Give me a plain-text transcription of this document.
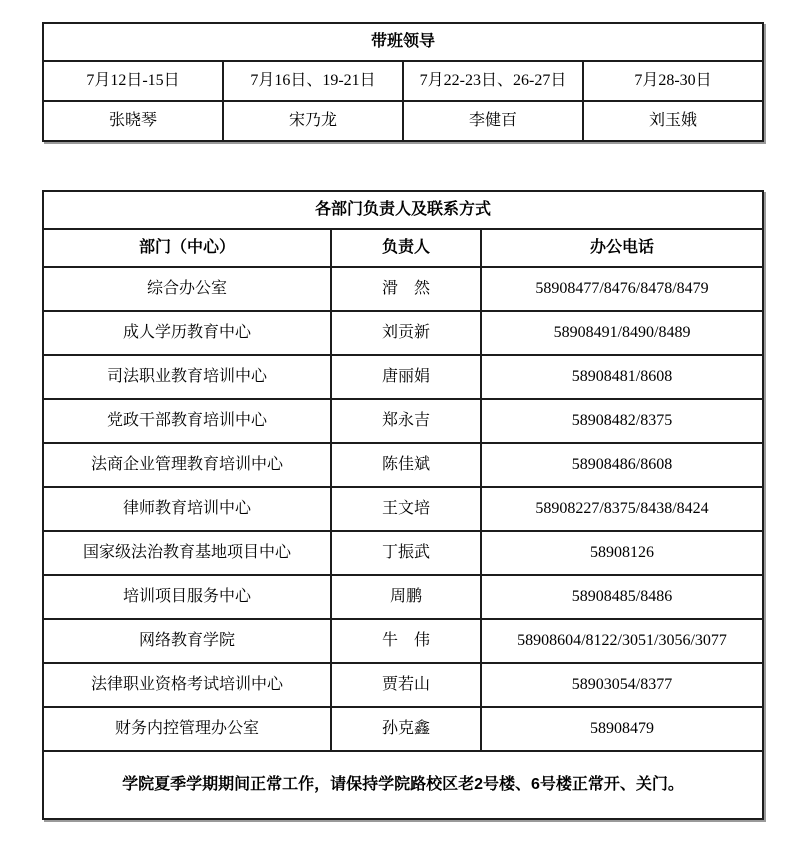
带班领导			
7月12日-15日	7月16日、19-21日	7月22-23日、26-27日	7月28-30日
张晓琴	宋乃龙	李健百	刘玉娥
各部门负责人及联系方式		
部门（中心）	负责人	办公电话
综合办公室	滑　然	58908477/8476/8478/8479
成人学历教育中心	刘贡新	58908491/8490/8489
司法职业教育培训中心	唐丽娟	58908481/8608
党政干部教育培训中心	郑永吉	58908482/8375
法商企业管理教育培训中心	陈佳斌	58908486/8608
律师教育培训中心	王文培	58908227/8375/8438/8424
国家级法治教育基地项目中心	丁振武	58908126
培训项目服务中心	周鹏	58908485/8486
网络教育学院	牛　伟	58908604/8122/3051/3056/3077
法律职业资格考试培训中心	贾若山	58903054/8377
财务内控管理办公室	孙克鑫	58908479
学院夏季学期期间正常工作，请保持学院路校区老2号楼、6号楼正常开、关门。		
